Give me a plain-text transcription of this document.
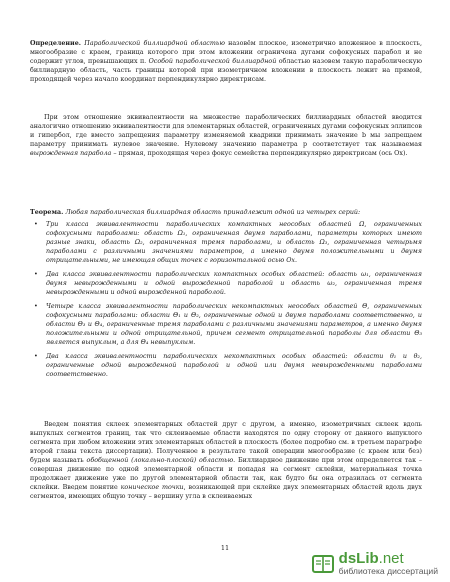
Определение. Параболической биллиардной областью назовём плоское, изометрично вложенное в плоскость, многообразие с краем, граница которого при этом вложении ограничена дугами софокусных парабол и не содержит углов, превышающих π. Особой параболической биллиардной областью назовем такую параболическую биллиардную область, часть границы которой при изометричном вложении в плоскость лежит на прямой, проходящей через начало координат перпендикулярно директрисам.

При этом отношение эквивалентности на множестве параболических биллиардных областей вводится аналогично отношению эквивалентности для элементарных областей, ограниченных дугами софокусных эллипсов и гипербол, где вместо запрещения параметру изменяемой квадрики принимать значение b мы запрещаем параметру принимать нулевое значение. Нулевому значению параметра p соответствует так называемая вырожденная парабола – прямая, проходящая через фокус семейства перпендикулярно директрисам (ось Ox).

Теорема. Любая параболическая биллиардная область принадлежит одной из четырех серий:

• Три класса эквивалентности параболических компактных неособых областей Ω, ограниченных софокусными параболами: область Ω₁, ограниченная двумя параболами, параметры которых имеют разные знаки, область Ω₂, ограниченная тремя параболами, и область Ω₃, ограниченная четырьмя параболами с различными значениями параметров, а именно двумя положительными и двумя отрицательными, не имеющая общих точек с горизонтальной осью Ox.
• Два класса эквивалентности параболических компактных особых областей: область ω₁, ограниченная двумя невырожденными и одной вырожденной параболой и область ω₂, ограниченная тремя невырожденными и одной вырожденной параболой.
• Четыре класса эквивалентности параболических некомпактных неособых областей Θ, ограниченных софокусными параболами: области Θ₁ и Θ₂, ограниченные одной и двумя параболами соответственно, и области Θ₃ и Θ₄, ограниченные тремя параболами с различными значениями параметров, а именно двумя положительными и одной отрицательной, причем сегмент отрицательной параболы для области Θ₃ является выпуклым, а для Θ₄ невыпуклым.
• Два класса эквивалентности параболических некомпактных особых областей: области θ₁ и θ₂, ограниченные одной вырожденной параболой и одной или двумя невырожденными параболами соответственно.

Введем понятия склеек элементарных областей друг с другом, а именно, изометричных склеек вдоль выпуклых сегментов границ, так что склеиваемые области находятся по одну сторону от данного выпуклого сегмента при любом вложении этих элементарных областей в плоскость (более подробно см. в третьем параграфе второй главы текста диссертации). Полученное в результате такой операции многообразие (с краем или без) будем называть обобщенной (локально-плоской) областью. Биллиардное движение при этом определяется так – совершая движение по одной элементарной области и попадая на сегмент склейки, материальная точка продолжает движение уже по другой элементарной области так, как будто бы она отразилась от сегмента склейки. Введем понятие коническое точки, возникающей при склейке двух элементарных областей вдоль двух сегментов, имеющих общую точку – вершину угла в склеиваемых

11
dsLib.net
библиотека диссертаций
